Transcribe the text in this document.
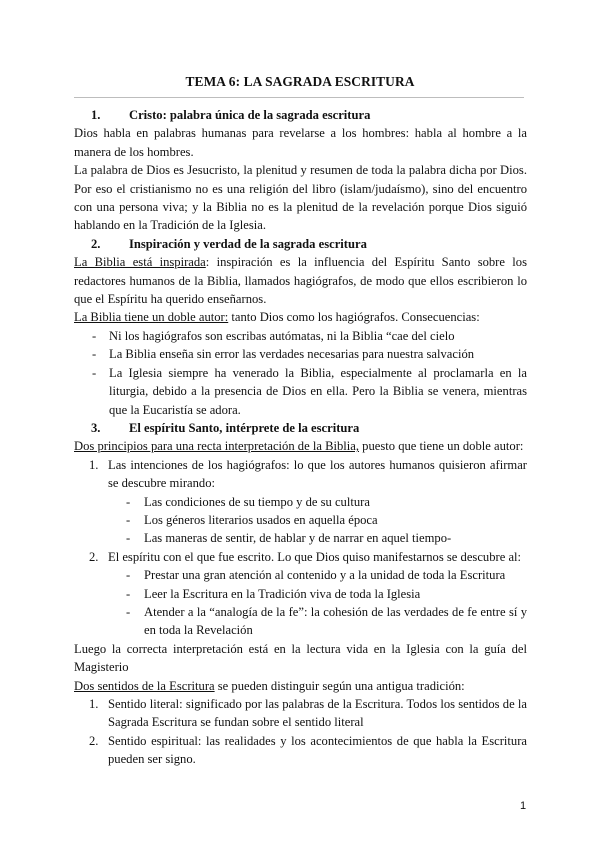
TEMA 6: LA SAGRADA ESCRITURA
1. Cristo: palabra única de la sagrada escritura

Dios habla en palabras humanas para revelarse a los hombres: habla al hombre a la manera de los hombres.

La palabra de Dios es Jesucristo, la plenitud y resumen de toda la palabra dicha por Dios. Por eso el cristianismo no es una religión del libro (islam/judaísmo), sino del encuentro con una persona viva; y la Biblia no es la plenitud de la revelación porque Dios siguió hablando en la Tradición de la Iglesia.

2. Inspiración y verdad de la sagrada escritura

La Biblia está inspirada: inspiración es la influencia del Espíritu Santo sobre los redactores humanos de la Biblia, llamados hagiógrafos, de modo que ellos escribieron lo que el Espíritu ha querido enseñarnos.

La Biblia tiene un doble autor: tanto Dios como los hagiógrafos. Consecuencias:

- Ni los hagiógrafos son escribas autómatas, ni la Biblia “cae del cielo
- La Biblia enseña sin error las verdades necesarias para nuestra salvación
- La Iglesia siempre ha venerado la Biblia, especialmente al proclamarla en la liturgia, debido a la presencia de Dios en ella. Pero la Biblia se venera, mientras que la Eucaristía se adora.
3. El espíritu Santo, intérprete de la escritura

Dos principios para una recta interpretación de la Biblia, puesto que tiene un doble autor:

1. Las intenciones de los hagiógrafos: lo que los autores humanos quisieron afirmar se descubre mirando:
- Las condiciones de su tiempo y de su cultura
- Los géneros literarios usados en aquella época
- Las maneras de sentir, de hablar y de narrar en aquel tiempo-
2. El espíritu con el que fue escrito. Lo que Dios quiso manifestarnos se descubre al:
- Prestar una gran atención al contenido y a la unidad de toda la Escritura
- Leer la Escritura en la Tradición viva de toda la Iglesia
- Atender a la “analogía de la fe”: la cohesión de las verdades de fe entre sí y en toda la Revelación

Luego la correcta interpretación está en la lectura vida en la Iglesia con la guía del Magisterio

Dos sentidos de la Escritura se pueden distinguir según una antigua tradición:

1. Sentido literal: significado por las palabras de la Escritura. Todos los sentidos de la Sagrada Escritura se fundan sobre el sentido literal
2. Sentido espiritual: las realidades y los acontecimientos de que habla la Escritura pueden ser signo.
1
